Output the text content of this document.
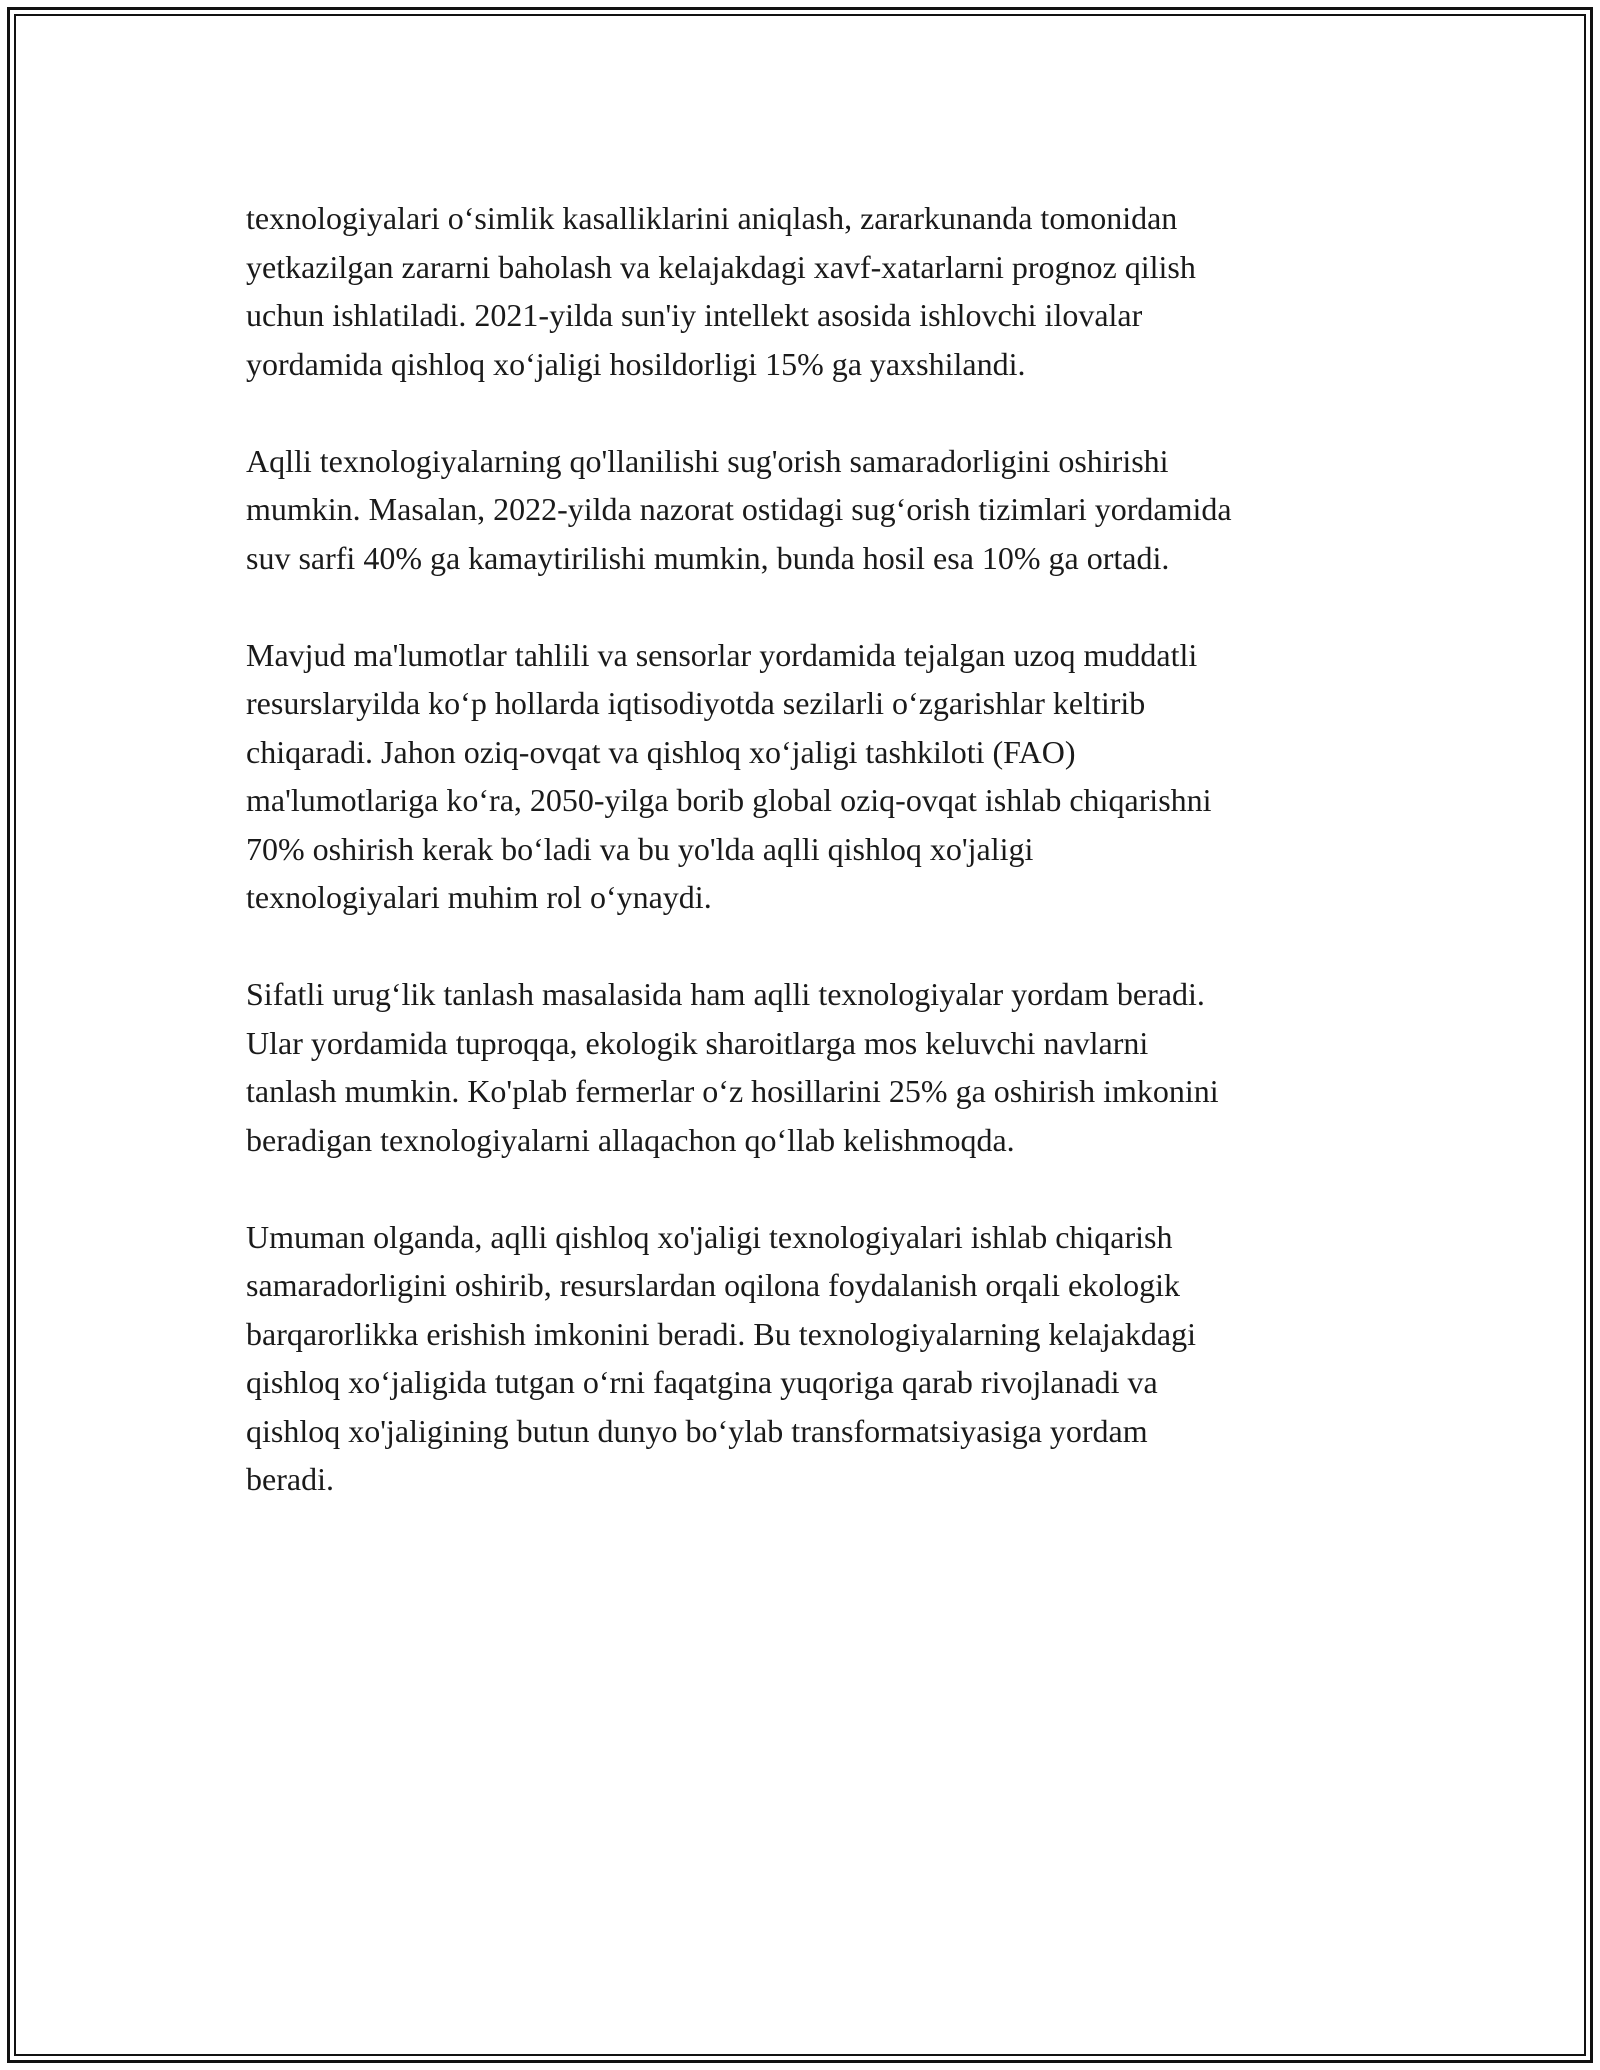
texnologiyalari o‘simlik kasalliklarini aniqlash, zararkunanda tomonidan
yetkazilgan zararni baholash va kelajakdagi xavf-xatarlarni prognoz qilish
uchun ishlatiladi. 2021-yilda sun'iy intellekt asosida ishlovchi ilovalar
yordamida qishloq xo‘jaligi hosildorligi 15% ga yaxshilandi.

Aqlli texnologiyalarning qo'llanilishi sug'orish samaradorligini oshirishi
mumkin. Masalan, 2022-yilda nazorat ostidagi sug‘orish tizimlari yordamida
suv sarfi 40% ga kamaytirilishi mumkin, bunda hosil esa 10% ga ortadi.

Mavjud ma'lumotlar tahlili va sensorlar yordamida tejalgan uzoq muddatli
resurslaryilda ko‘p hollarda iqtisodiyotda sezilarli o‘zgarishlar keltirib
chiqaradi. Jahon oziq-ovqat va qishloq xo‘jaligi tashkiloti (FAO)
ma'lumotlariga ko‘ra, 2050-yilga borib global oziq-ovqat ishlab chiqarishni
70% oshirish kerak bo‘ladi va bu yo'lda aqlli qishloq xo'jaligi
texnologiyalari muhim rol o‘ynaydi.

Sifatli urug‘lik tanlash masalasida ham aqlli texnologiyalar yordam beradi.
Ular yordamida tuproqqa, ekologik sharoitlarga mos keluvchi navlarni
tanlash mumkin. Ko'plab fermerlar o‘z hosillarini 25% ga oshirish imkonini
beradigan texnologiyalarni allaqachon qo‘llab kelishmoqda.

Umuman olganda, aqlli qishloq xo'jaligi texnologiyalari ishlab chiqarish
samaradorligini oshirib, resurslardan oqilona foydalanish orqali ekologik
barqarorlikka erishish imkonini beradi. Bu texnologiyalarning kelajakdagi
qishloq xo‘jaligida tutgan o‘rni faqatgina yuqoriga qarab rivojlanadi va
qishloq xo'jaligining butun dunyo bo‘ylab transformatsiyasiga yordam
beradi.
